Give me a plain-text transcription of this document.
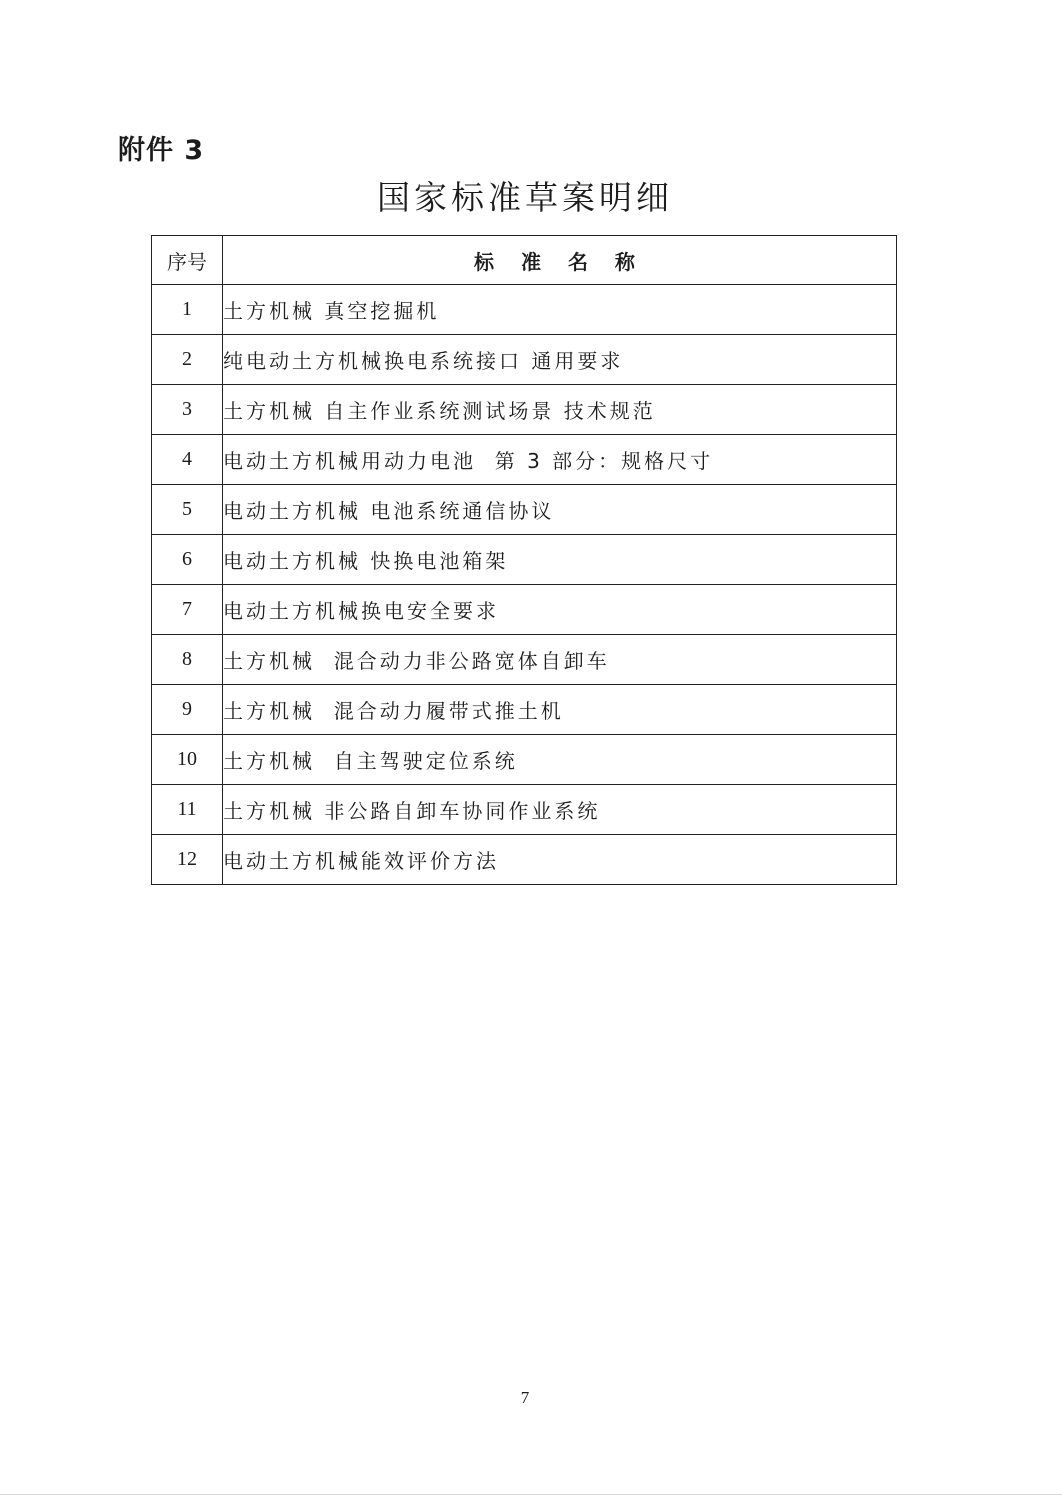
附件 3
国家标准草案明细
序号	标 准 名 称
1	土方机械 真空挖掘机
2	纯电动土方机械换电系统接口 通用要求
3	土方机械 自主作业系统测试场景 技术规范
4	电动土方机械用动力电池  第 3 部分：规格尺寸
5	电动土方机械 电池系统通信协议
6	电动土方机械 快换电池箱架
7	电动土方机械换电安全要求
8	土方机械  混合动力非公路宽体自卸车
9	土方机械  混合动力履带式推土机
10	土方机械  自主驾驶定位系统
11	土方机械 非公路自卸车协同作业系统
12	电动土方机械能效评价方法
7
